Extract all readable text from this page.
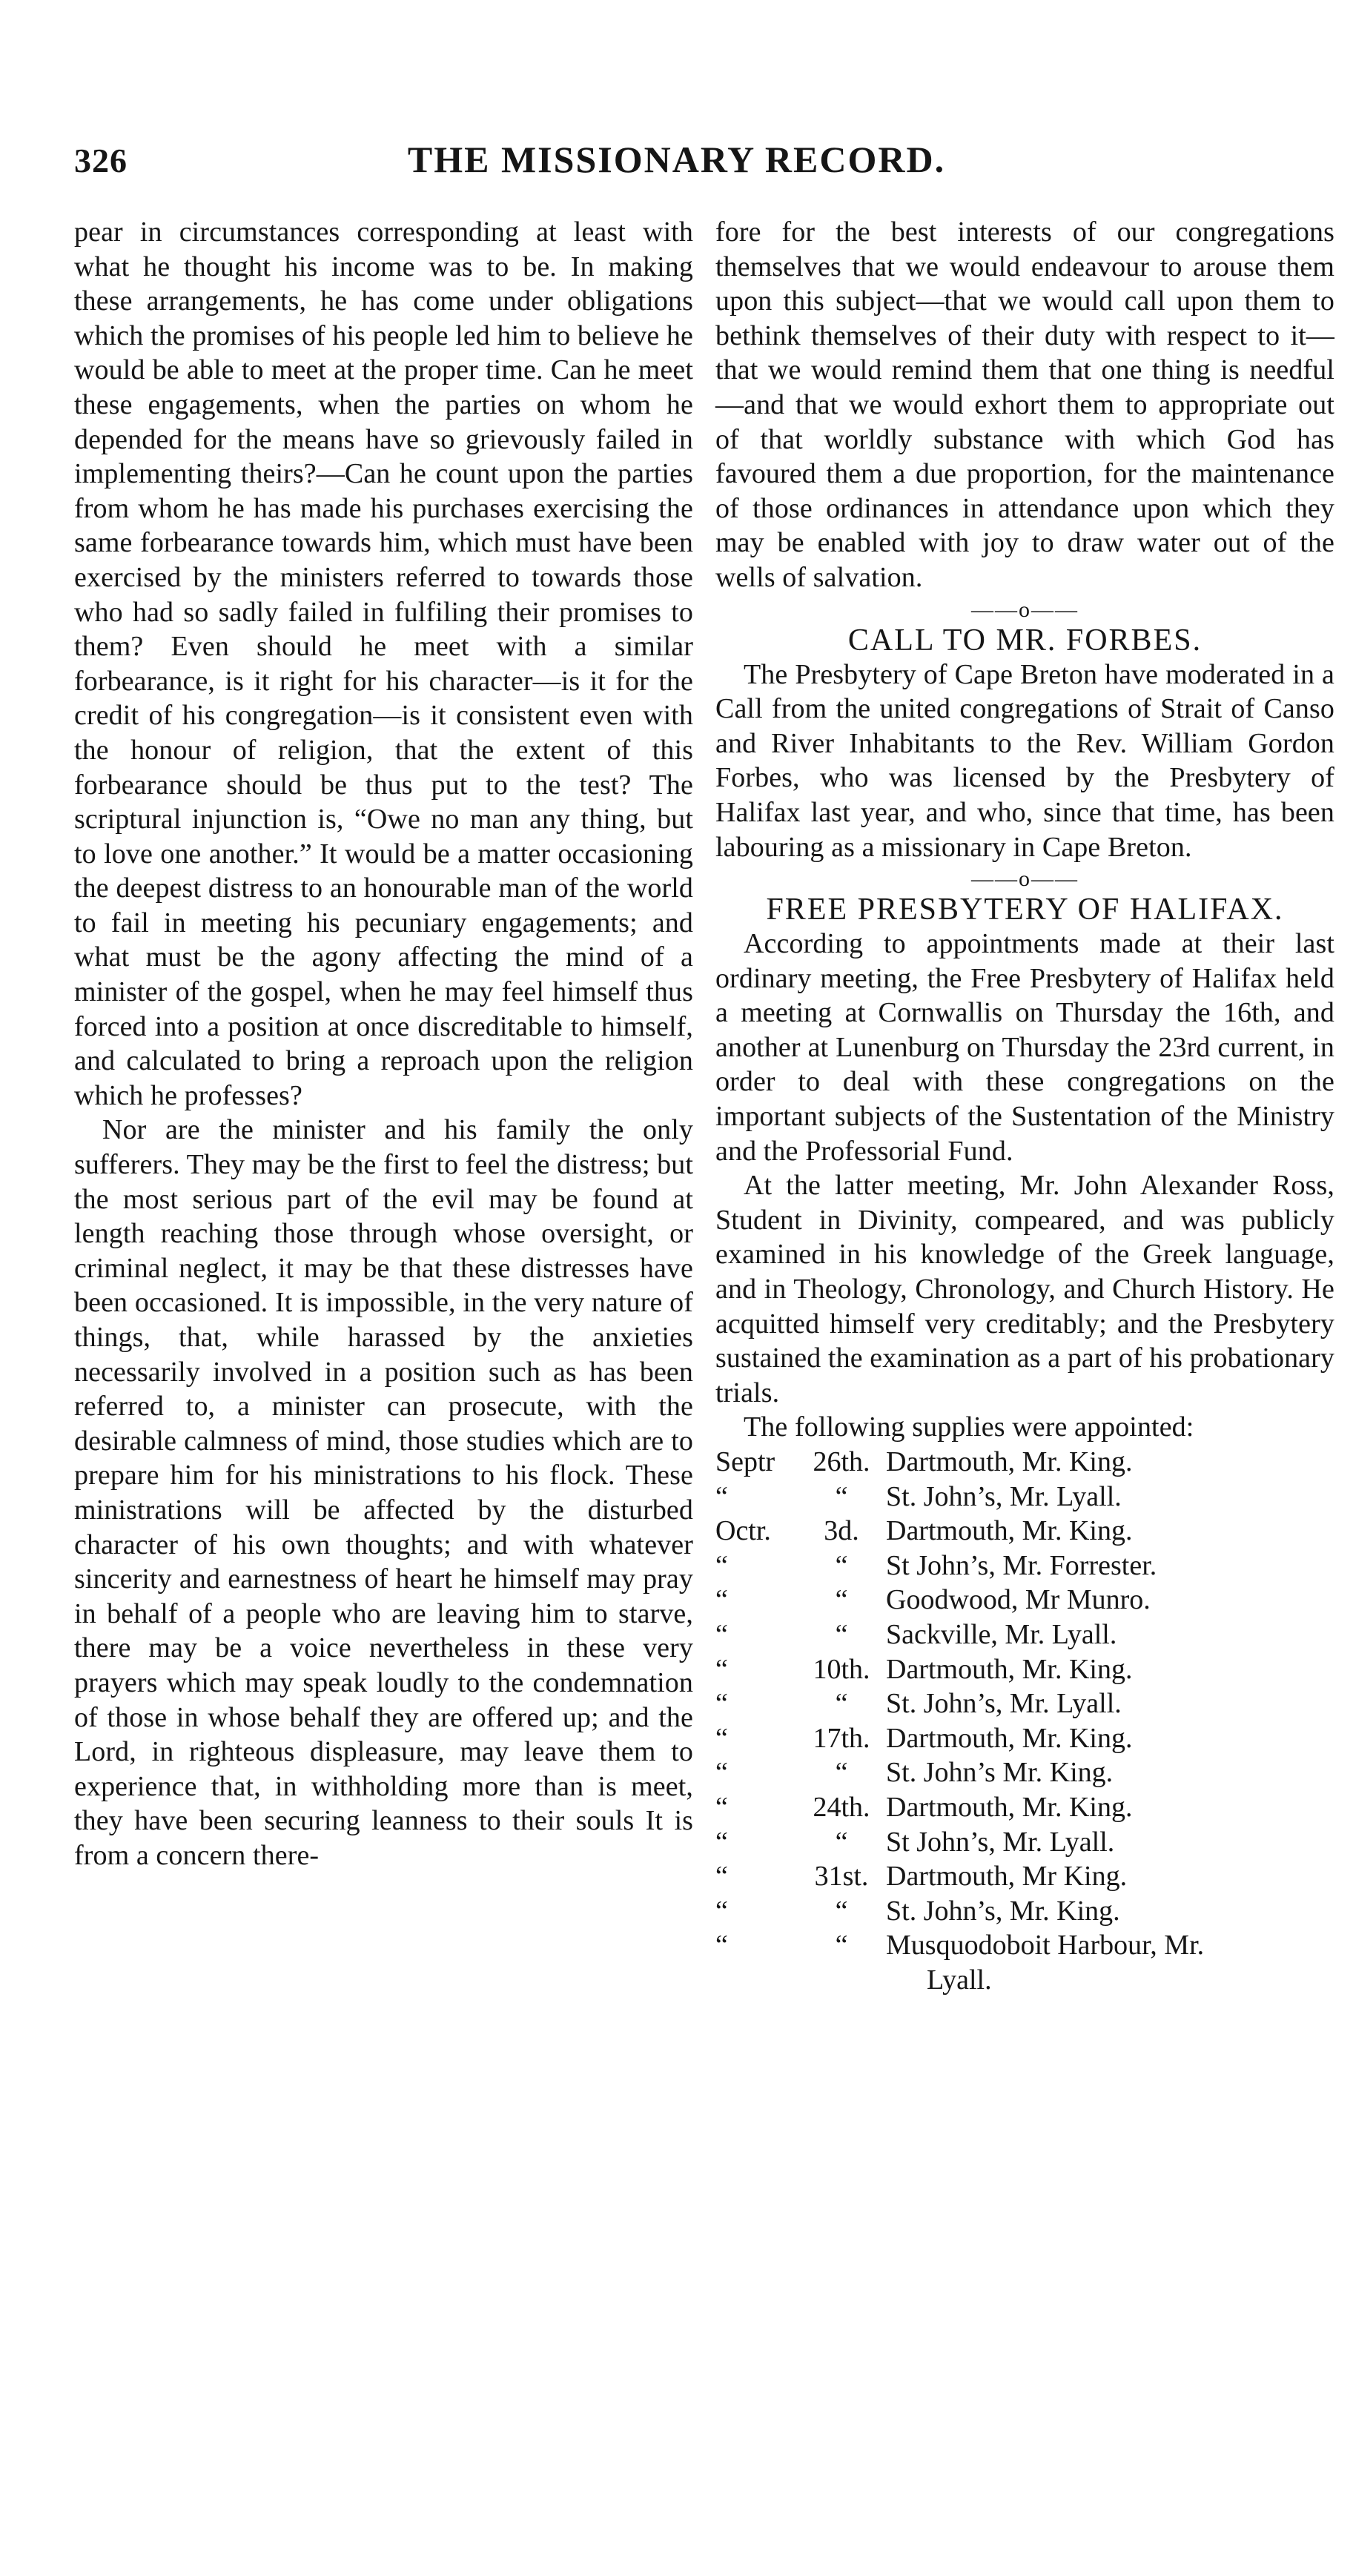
326	THE MISSIONARY RECORD.

pear in circumstances corresponding at least with what he thought his income was to be. In making these arrangements, he has come under obligations which the promises of his people led him to believe he would be able to meet at the proper time. Can he meet these engagements, when the parties on whom he depended for the means have so grievously failed in implementing theirs?—Can he count upon the parties from whom he has made his purchases exercising the same forbearance towards him, which must have been exercised by the ministers referred to towards those who had so sadly failed in fulfiling their promises to them? Even should he meet with a similar forbearance, is it right for his character—is it for the credit of his congregation—is it consistent even with the honour of religion, that the extent of this forbearance should be thus put to the test? The scriptural injunction is, “Owe no man any thing, but to love one another.” It would be a matter occasioning the deepest distress to an honourable man of the world to fail in meeting his pecuniary engagements; and what must be the agony affecting the mind of a minister of the gospel, when he may feel himself thus forced into a position at once discreditable to himself, and calculated to bring a reproach upon the religion which he professes?

Nor are the minister and his family the only sufferers. They may be the first to feel the distress; but the most serious part of the evil may be found at length reaching those through whose oversight, or criminal neglect, it may be that these distresses have been occasioned. It is impossible, in the very nature of things, that, while harassed by the anxieties necessarily involved in a position such as has been referred to, a minister can prosecute, with the desirable calmness of mind, those studies which are to prepare him for his ministrations to his flock. These ministrations will be affected by the disturbed character of his own thoughts; and with whatever sincerity and earnestness of heart he himself may pray in behalf of a people who are leaving him to starve, there may be a voice nevertheless in these very prayers which may speak loudly to the condemnation of those in whose behalf they are offered up; and the Lord, in righteous displeasure, may leave them to experience that, in withholding more than is meet, they have been securing leanness to their souls It is from a concern there-

fore for the best interests of our congregations themselves that we would endeavour to arouse them upon this subject—that we would call upon them to bethink themselves of their duty with respect to it—that we would remind them that one thing is needful—and that we would exhort them to appropriate out of that worldly substance with which God has favoured them a due proportion, for the maintenance of those ordinances in attendance upon which they may be enabled with joy to draw water out of the wells of salvation.

——o——
CALL TO MR. FORBES.

The Presbytery of Cape Breton have moderated in a Call from the united congregations of Strait of Canso and River Inhabitants to the Rev. William Gordon Forbes, who was licensed by the Presbytery of Halifax last year, and who, since that time, has been labouring as a missionary in Cape Breton.

——o——
FREE PRESBYTERY OF HALIFAX.

According to appointments made at their last ordinary meeting, the Free Presbytery of Halifax held a meeting at Cornwallis on Thursday the 16th, and another at Lunenburg on Thursday the 23rd current, in order to deal with these congregations on the important subjects of the Sustentation of the Ministry and the Professorial Fund.

At the latter meeting, Mr. John Alexander Ross, Student in Divinity, compeared, and was publicly examined in his knowledge of the Greek language, and in Theology, Chronology, and Church History. He acquitted himself very creditably; and the Presbytery sustained the examination as a part of his probationary trials.

The following supplies were appointed:

Septr	26th. Dartmouth, Mr. King.
“	“	St. John’s, Mr. Lyall.
Octr.	3d. Dartmouth, Mr. King.
“	“	St John’s, Mr. Forrester.
“	“	Goodwood, Mr Munro.
“	“	Sackville, Mr. Lyall.
“	10th. Dartmouth, Mr. King.
“	“	St. John’s, Mr. Lyall.
“	17th. Dartmouth, Mr. King.
“	“	St. John’s Mr. King.
“	24th. Dartmouth, Mr. King.
“	“	St John’s, Mr. Lyall.
“	31st. Dartmouth, Mr King.
“	“	St. John’s, Mr. King.
“	“	Musquodoboit Harbour, Mr.
Lyall.
